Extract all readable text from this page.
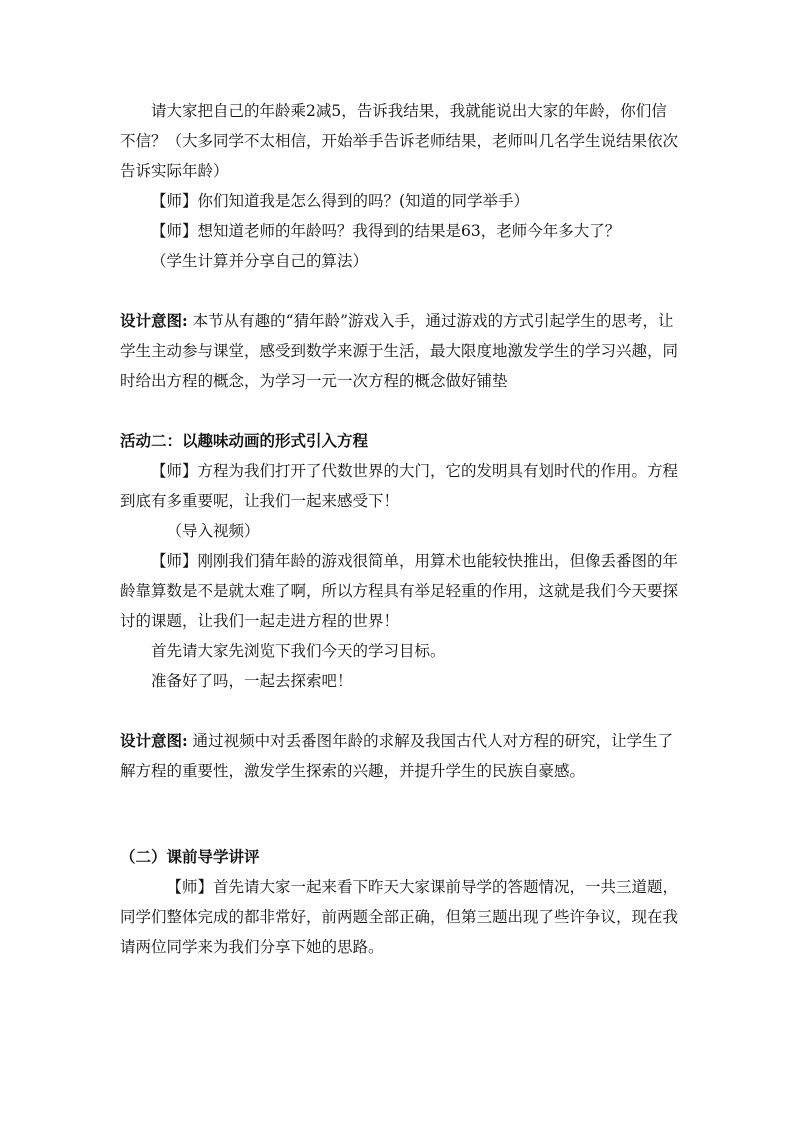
请大家把自己的年龄乘2减5，告诉我结果，我就能说出大家的年龄，你们信不信？（大多同学不太相信，开始举手告诉老师结果，老师叫几名学生说结果依次告诉实际年龄）

【师】你们知道我是怎么得到的吗？(知道的同学举手）

【师】想知道老师的年龄吗？我得到的结果是63，老师今年多大了？

（学生计算并分享自己的算法）

设计意图: 本节从有趣的“猜年龄”游戏入手，通过游戏的方式引起学生的思考，让学生主动参与课堂，感受到数学来源于生活，最大限度地激发学生的学习兴趣，同时给出方程的概念，为学习一元一次方程的概念做好铺垫

活动二：以趣味动画的形式引入方程

【师】方程为我们打开了代数世界的大门，它的发明具有划时代的作用。方程到底有多重要呢，让我们一起来感受下！

（导入视频）

【师】刚刚我们猜年龄的游戏很简单，用算术也能较快推出，但像丢番图的年龄靠算数是不是就太难了啊，所以方程具有举足轻重的作用，这就是我们今天要探讨的课题，让我们一起走进方程的世界！

首先请大家先浏览下我们今天的学习目标。

准备好了吗，一起去探索吧！

设计意图: 通过视频中对丢番图年龄的求解及我国古代人对方程的研究，让学生了解方程的重要性，激发学生探索的兴趣，并提升学生的民族自豪感。

（二）课前导学讲评

【师】首先请大家一起来看下昨天大家课前导学的答题情况，一共三道题，同学们整体完成的都非常好，前两题全部正确，但第三题出现了些许争议，现在我请两位同学来为我们分享下她的思路。
